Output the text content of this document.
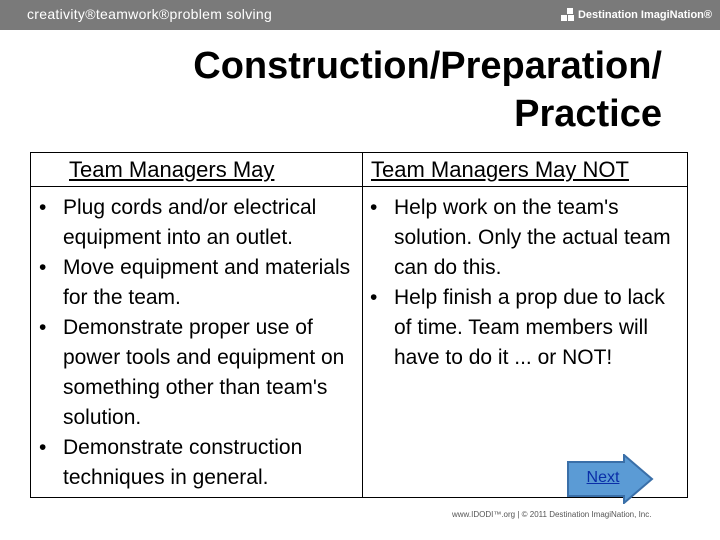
creativity®teamwork®problem solving	Destination ImagiNation®
Construction/Preparation/
Practice
Team Managers May	Team Managers May NOT
• Plug cords and/or electrical equipment into an outlet.
• Move equipment and materials for the team.
• Demonstrate proper use of power tools and equipment on something other than team's solution.
• Demonstrate construction techniques in general.
• Help work on the team's solution. Only the actual team can do this.
• Help finish a prop due to lack of time. Team members will have to do it ... or NOT!
Next
www.IDODI™.org | © 2011 Destination ImagiNation, Inc.
